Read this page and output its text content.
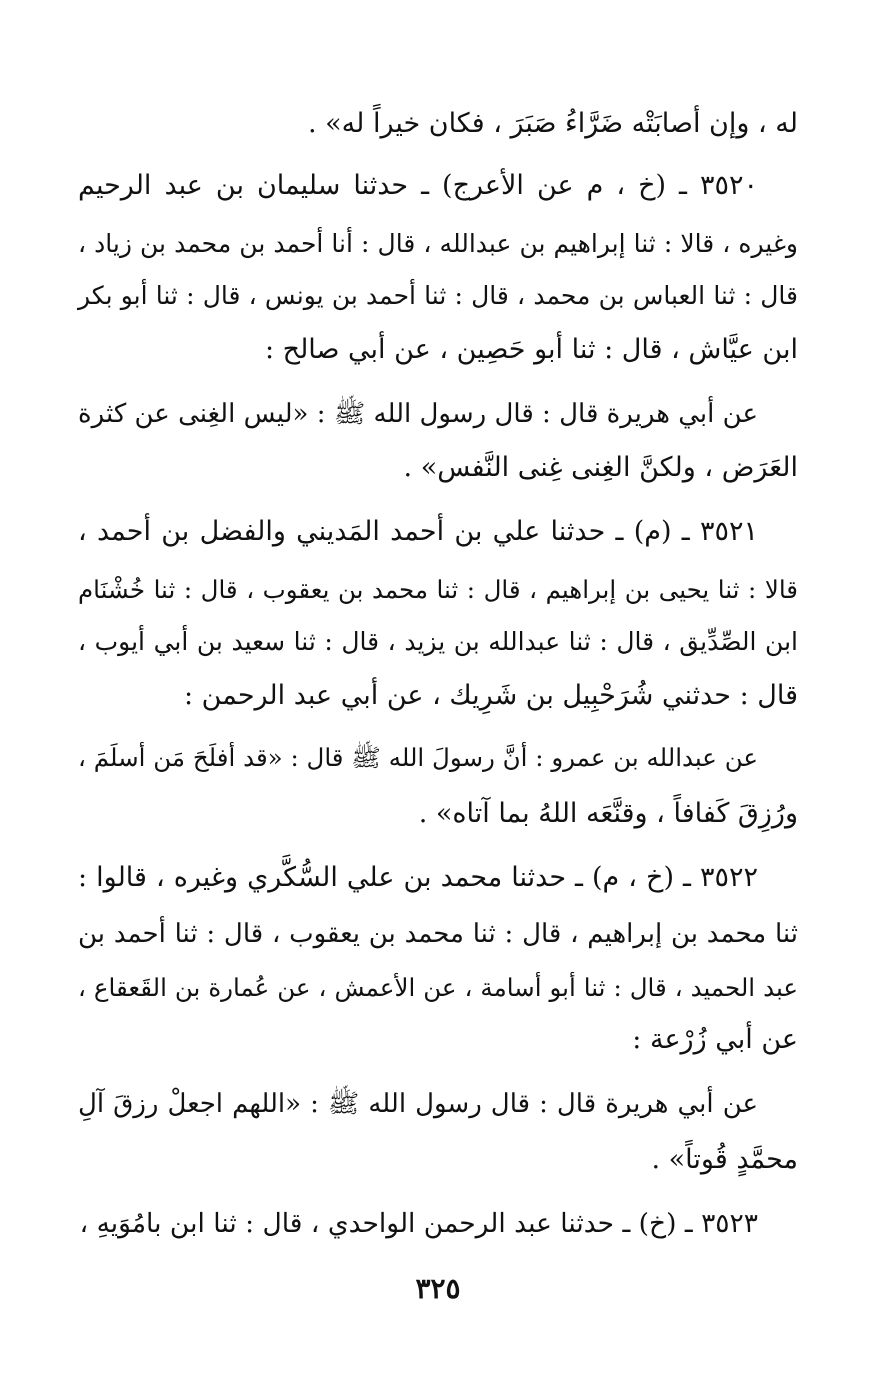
له ، وإن أصابَتْه ضَرَّاءُ صَبَرَ ، فكان خيراً له» .
٣٥٢٠ ـ (خ ، م عن الأعرج) ـ حدثنا سليمان بن عبد الرحيم
وغيره ، قالا : ثنا إبراهيم بن عبدالله ، قال : أنا أحمد بن محمد بن زياد ،
قال : ثنا العباس بن محمد ، قال : ثنا أحمد بن يونس ، قال : ثنا أبو بكر
ابن عيَّاش ، قال : ثنا أبو حَصِين ، عن أبي صالح :
عن أبي هريرة قال : قال رسول الله ﷺ : «ليس الغِنى عن كثرة
العَرَض ، ولكنَّ الغِنى غِنى النَّفس» .
٣٥٢١ ـ (م) ـ حدثنا علي بن أحمد المَديني والفضل بن أحمد ،
قالا : ثنا يحيى بن إبراهيم ، قال : ثنا محمد بن يعقوب ، قال : ثنا خُشْنَام
ابن الصِّدِّيق ، قال : ثنا عبدالله بن يزيد ، قال : ثنا سعيد بن أبي أيوب ،
قال : حدثني شُرَحْبِيل بن شَرِيك ، عن أبي عبد الرحمن :
عن عبدالله بن عمرو : أنَّ رسولَ الله ﷺ قال : «قد أفلَحَ مَن أسلَمَ ،
ورُزِقَ كَفافاً ، وقنَّعَه اللهُ بما آتاه» .
٣٥٢٢ ـ (خ ، م) ـ حدثنا محمد بن علي السُّكَّري وغيره ، قالوا :
ثنا محمد بن إبراهيم ، قال : ثنا محمد بن يعقوب ، قال : ثنا أحمد بن
عبد الحميد ، قال : ثنا أبو أسامة ، عن الأعمش ، عن عُمارة بن القَعقاع ،
عن أبي زُرْعة :
عن أبي هريرة قال : قال رسول الله ﷺ : «اللهم اجعلْ رزقَ آلِ
محمَّدٍ قُوتاً» .
٣٥٢٣ ـ (خ) ـ حدثنا عبد الرحمن الواحدي ، قال : ثنا ابن بامُوَيهِ ،
٣٢٥
